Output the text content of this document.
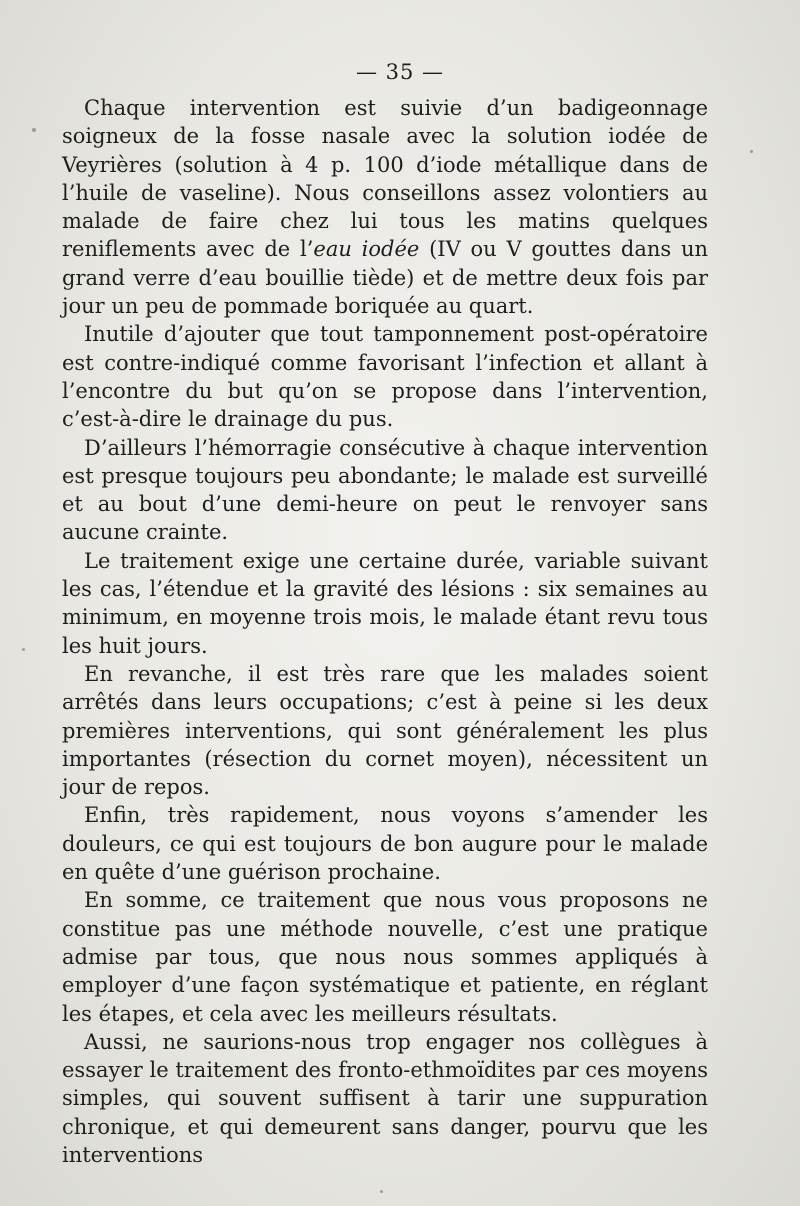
— 35 —

Chaque intervention est suivie d’un badigeonnage soigneux de la fosse nasale avec la solution iodée de Veyrières (solution à 4 p. 100 d’iode métallique dans de l’huile de vaseline). Nous conseillons assez volontiers au malade de faire chez lui tous les matins quelques reniflements avec de l’eau iodée (IV ou V gouttes dans un grand verre d’eau bouillie tiède) et de mettre deux fois par jour un peu de pommade boriquée au quart.

Inutile d’ajouter que tout tamponnement post-opératoire est contre-indiqué comme favorisant l’infection et allant à l’encontre du but qu’on se propose dans l’intervention, c’est-à-dire le drainage du pus.

D’ailleurs l’hémorragie consécutive à chaque intervention est presque toujours peu abondante; le malade est surveillé et au bout d’une demi-heure on peut le renvoyer sans aucune crainte.

Le traitement exige une certaine durée, variable suivant les cas, l’étendue et la gravité des lésions : six semaines au minimum, en moyenne trois mois, le malade étant revu tous les huit jours.

En revanche, il est très rare que les malades soient arrêtés dans leurs occupations; c’est à peine si les deux premières interventions, qui sont généralement les plus importantes (résection du cornet moyen), nécessitent un jour de repos.

Enfin, très rapidement, nous voyons s’amender les douleurs, ce qui est toujours de bon augure pour le malade en quête d’une guérison prochaine.

En somme, ce traitement que nous vous proposons ne constitue pas une méthode nouvelle, c’est une pratique admise par tous, que nous nous sommes appliqués à employer d’une façon systématique et patiente, en réglant les étapes, et cela avec les meilleurs résultats.

Aussi, ne saurions-nous trop engager nos collègues à essayer le traitement des fronto-ethmoïdites par ces moyens simples, qui souvent suffisent à tarir une suppuration chronique, et qui demeurent sans danger, pourvu que les interventions
